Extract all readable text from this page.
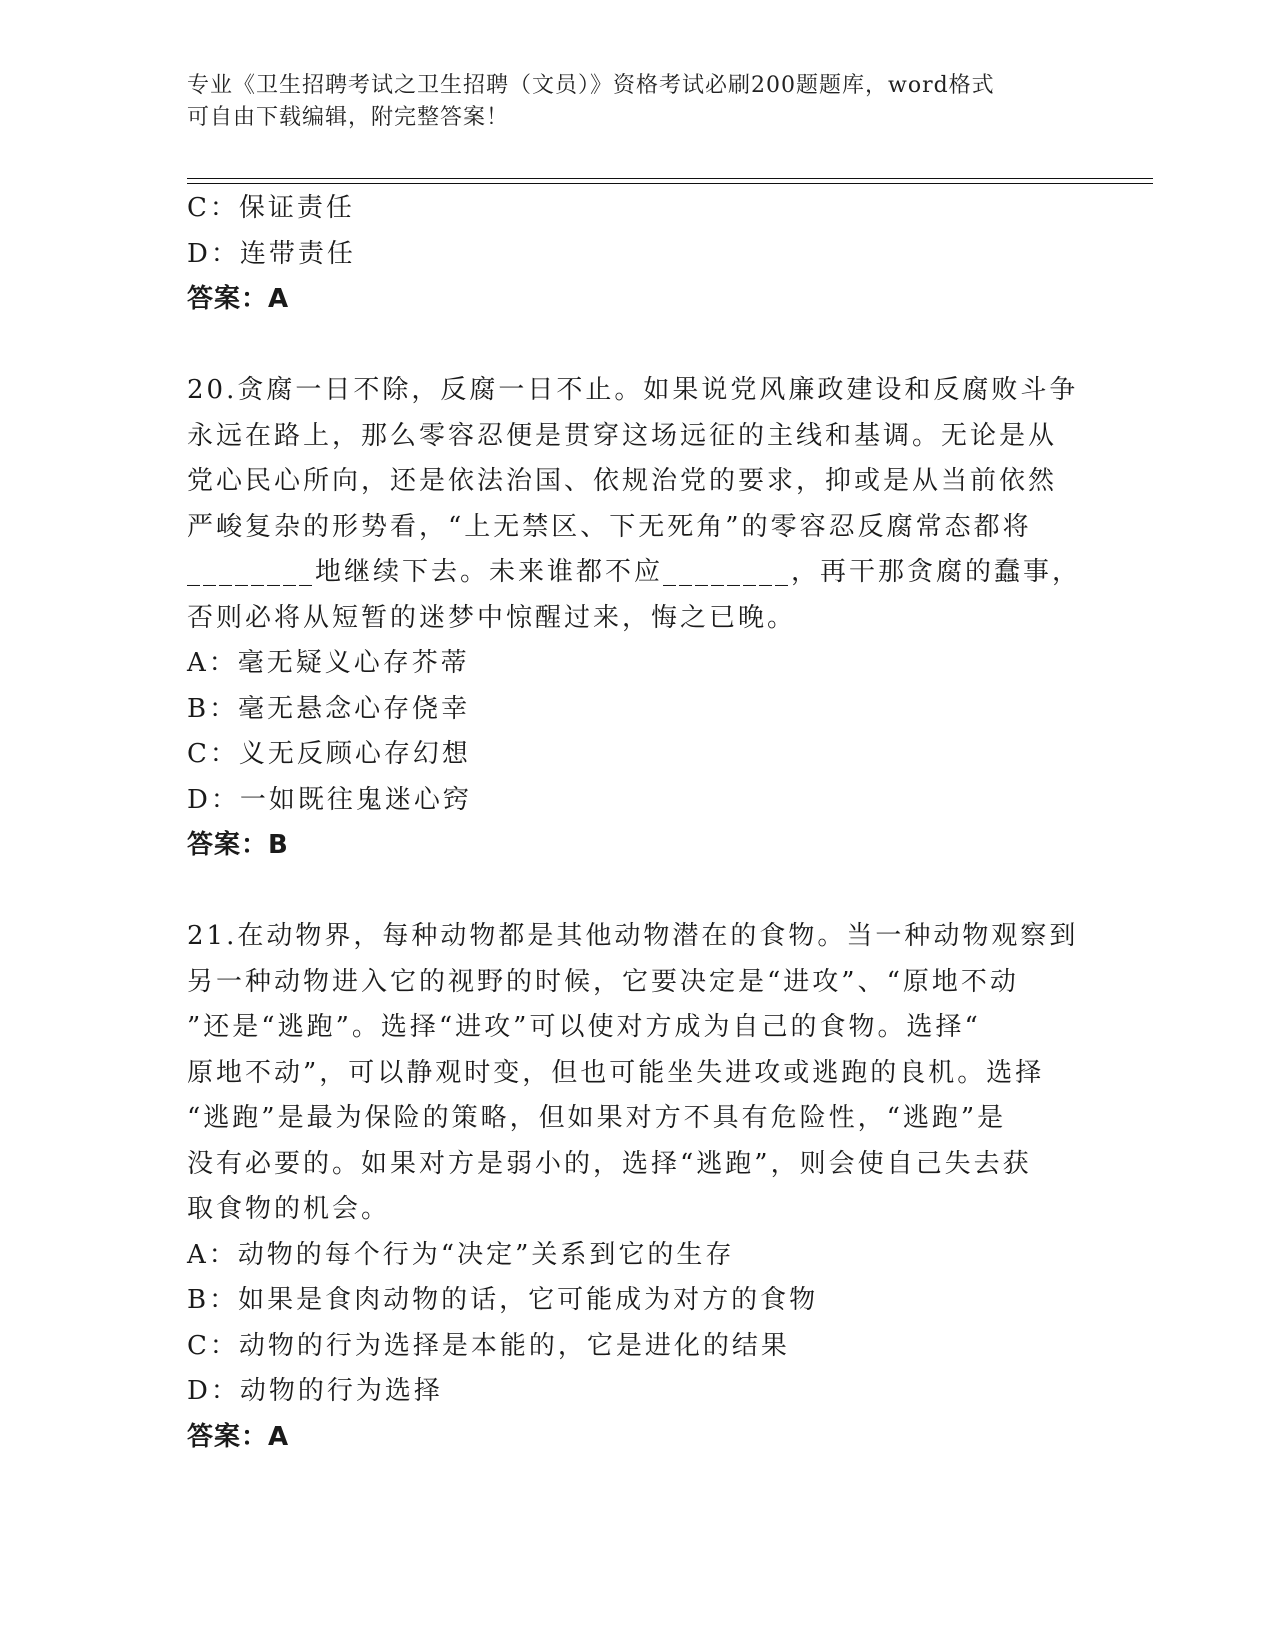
专业《卫生招聘考试之卫生招聘（文员）》资格考试必刷200题题库，word格式
可自由下载编辑，附完整答案！
C：保证责任
D：连带责任
答案：A
20.贪腐一日不除，反腐一日不止。如果说党风廉政建设和反腐败斗争
永远在路上，那么零容忍便是贯穿这场远征的主线和基调。无论是从
党心民心所向，还是依法治国、依规治党的要求，抑或是从当前依然
严峻复杂的形势看，“上无禁区、下无死角”的零容忍反腐常态都将
________地继续下去。未来谁都不应________，再干那贪腐的蠢事，
否则必将从短暂的迷梦中惊醒过来，悔之已晚。
A：毫无疑义心存芥蒂
B：毫无悬念心存侥幸
C：义无反顾心存幻想
D：一如既往鬼迷心窍
答案：B
21.在动物界，每种动物都是其他动物潜在的食物。当一种动物观察到
另一种动物进入它的视野的时候，它要决定是“进攻”、“原地不动
”还是“逃跑”。选择“进攻”可以使对方成为自己的食物。选择“
原地不动”，可以静观时变，但也可能坐失进攻或逃跑的良机。选择
“逃跑”是最为保险的策略，但如果对方不具有危险性，“逃跑”是
没有必要的。如果对方是弱小的，选择“逃跑”，则会使自己失去获
取食物的机会。
A：动物的每个行为“决定”关系到它的生存
B：如果是食肉动物的话，它可能成为对方的食物
C：动物的行为选择是本能的，它是进化的结果
D：动物的行为选择
答案：A
